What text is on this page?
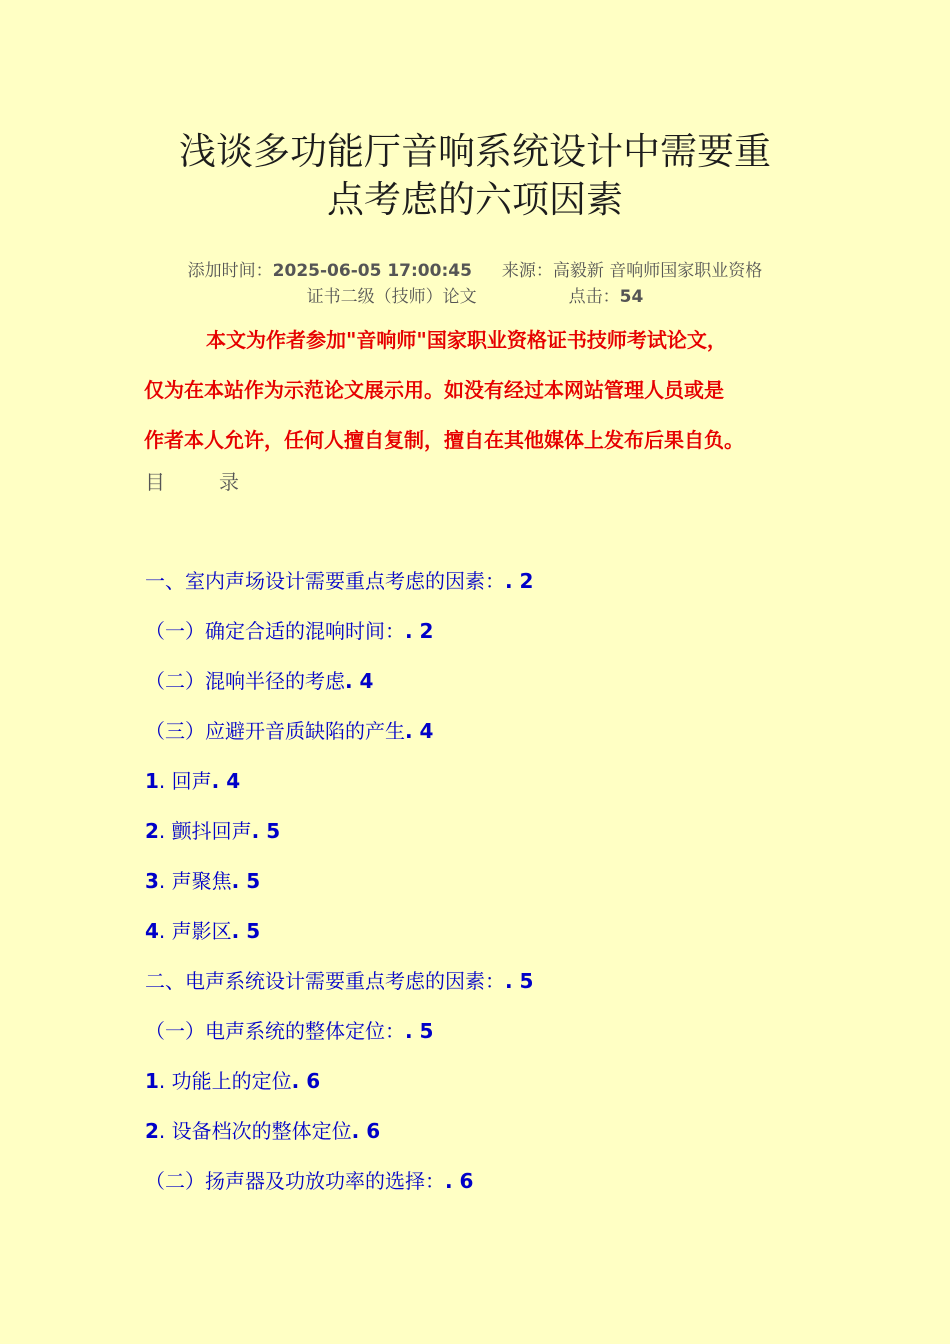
浅谈多功能厅音响系统设计中需要重
点考虑的六项因素
添加时间：2025-06-05 17:00:45 来源：高毅新 音响师国家职业资格
证书二级（技师）论文	点击：54

本文为作者参加"音响师"国家职业资格证书技师考试论文，
仅为在本站作为示范论文展示用。如没有经过本网站管理人员或是
作者本人允许，任何人擅自复制，擅自在其他媒体上发布后果自负。

目	录
一、室内声场设计需要重点考虑的因素：. 2
（一）确定合适的混响时间：. 2
（二）混响半径的考虑. 4
（三）应避开音质缺陷的产生. 4
1. 回声. 4
2. 颤抖回声. 5
3. 声聚焦. 5
4. 声影区. 5
二、电声系统设计需要重点考虑的因素：. 5
（一）电声系统的整体定位：. 5
1. 功能上的定位. 6
2. 设备档次的整体定位. 6
（二）扬声器及功放功率的选择：. 6
